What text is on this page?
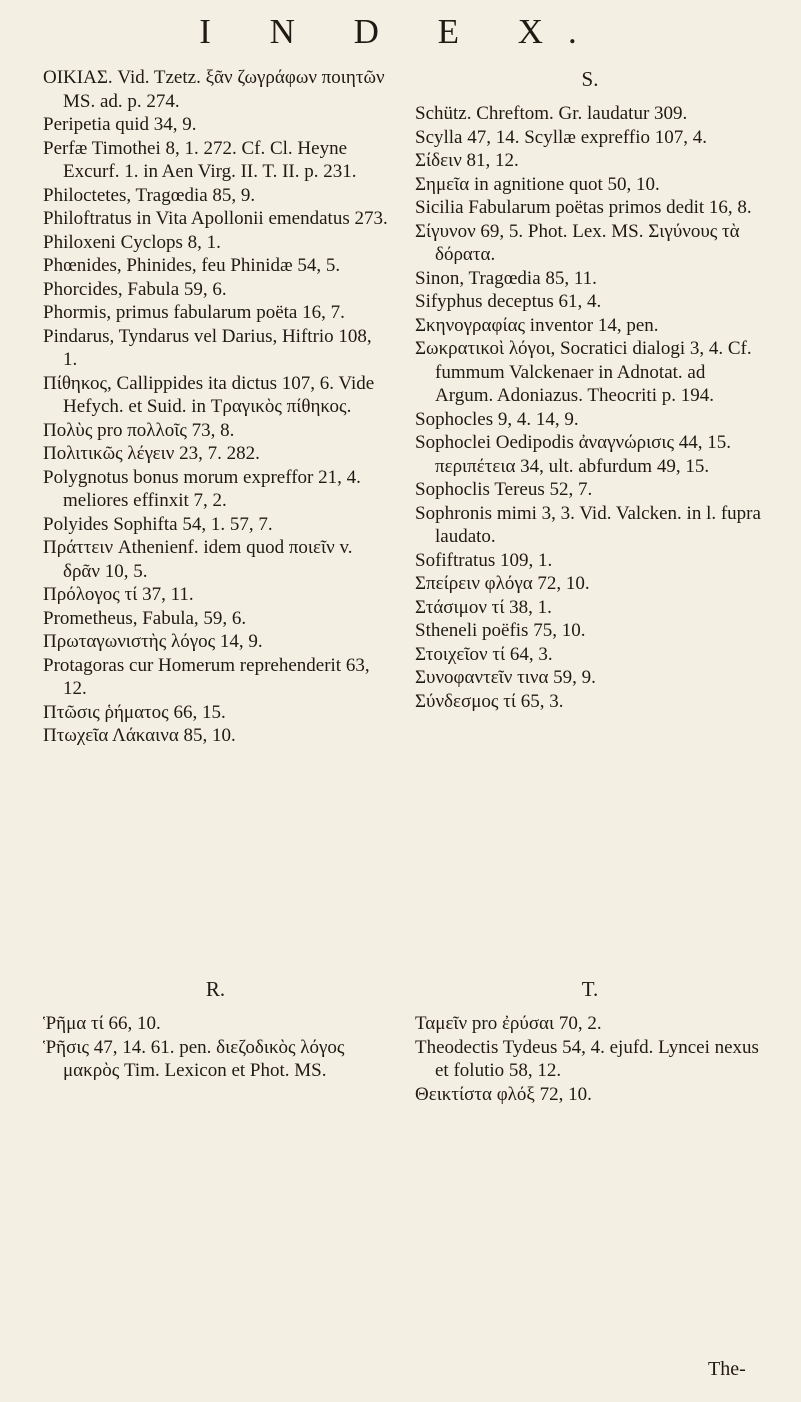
I N D E X.
OIKIAΣ. Vid. Tzetz. ξᾶν ζωγράφων ποιητῶν MS. ad. p. 274.
Peripetia quid 34, 9.
Perfæ Timothei 8, 1. 272. Cf. Cl. Heyne Excurf. 1. in Aen Virg. II. T. II. p. 231.
Philoctetes, Tragœdia 85, 9.
Philoftratus in Vita Apollonii emendatus 273.
Philoxeni Cyclops 8, 1.
Phœnides, Phinides, feu Phinidæ 54, 5.
Phorcides, Fabula 59, 6.
Phormis, primus fabularum poëta 16, 7.
Pindarus, Tyndarus vel Darius, Hiftrio 108, 1.
Πίθηκος, Callippides ita dictus 107, 6. Vide Hefych. et Suid. in Τραγικὸς πίθηκος.
Πολὺς pro πολλοῖς 73, 8.
Πολιτικῶς λέγειν 23, 7. 282.
Polygnotus bonus morum expreffor 21, 4. meliores effinxit 7, 2.
Polyides Sophifta 54, 1. 57, 7.
Πράττειν Athenienf. idem quod ποιεῖν v. δρᾶν 10, 5.
Πρόλογος τί 37, 11.
Prometheus, Fabula, 59, 6.
Πρωταγωνιστὴς λόγος 14, 9.
Protagoras cur Homerum reprehenderit 63, 12.
Πτῶσις ῥήματος 66, 15.
Πτωχεῖα Λάκαινα 85, 10.
S.
Schütz. Chreftom. Gr. laudatur 309.
Scylla 47, 14. Scyllæ expreffio 107, 4.
Σίδειν 81, 12.
Σημεῖα in agnitione quot 50, 10.
Sicilia Fabularum poëtas primos dedit 16, 8.
Σίγυνον 69, 5. Phot. Lex. MS. Σιγύνους τὰ δόρατα.
Sinon, Tragœdia 85, 11.
Sifyphus deceptus 61, 4.
Σκηνογραφίας inventor 14, pen.
Σωκρατικοὶ λόγοι, Socratici dialogi 3, 4. Cf. fummum Valckenaer in Adnotat. ad Argum. Adoniazus. Theocriti p. 194.
Sophocles 9, 4. 14, 9.
Sophoclei Oedipodis ἀναγνώρισις 44, 15. περιπέτεια 34, ult. abfurdum 49, 15.
Sophoclis Tereus 52, 7.
Sophronis mimi 3, 3. Vid. Valcken. in l. fupra laudato.
Sofiftratus 109, 1.
Σπείρειν φλόγα 72, 10.
Στάσιμον τί 38, 1.
Stheneli poëfis 75, 10.
Στοιχεῖον τί 64, 3.
Συνοφαντεῖν τινα 59, 9.
Σύνδεσμος τί 65, 3.
R.
Ῥῆμα τί 66, 10.
Ῥῆσις 47, 14. 61. pen. διεζοδικὸς λόγος μακρὸς Tim. Lexicon et Phot. MS.
T.
Ταμεῖν pro ἐρύσαι 70, 2.
Theodectis Tydeus 54, 4. ejufd. Lyncei nexus et folutio 58, 12.
Θεικτίστα φλόξ 72, 10.
The-
